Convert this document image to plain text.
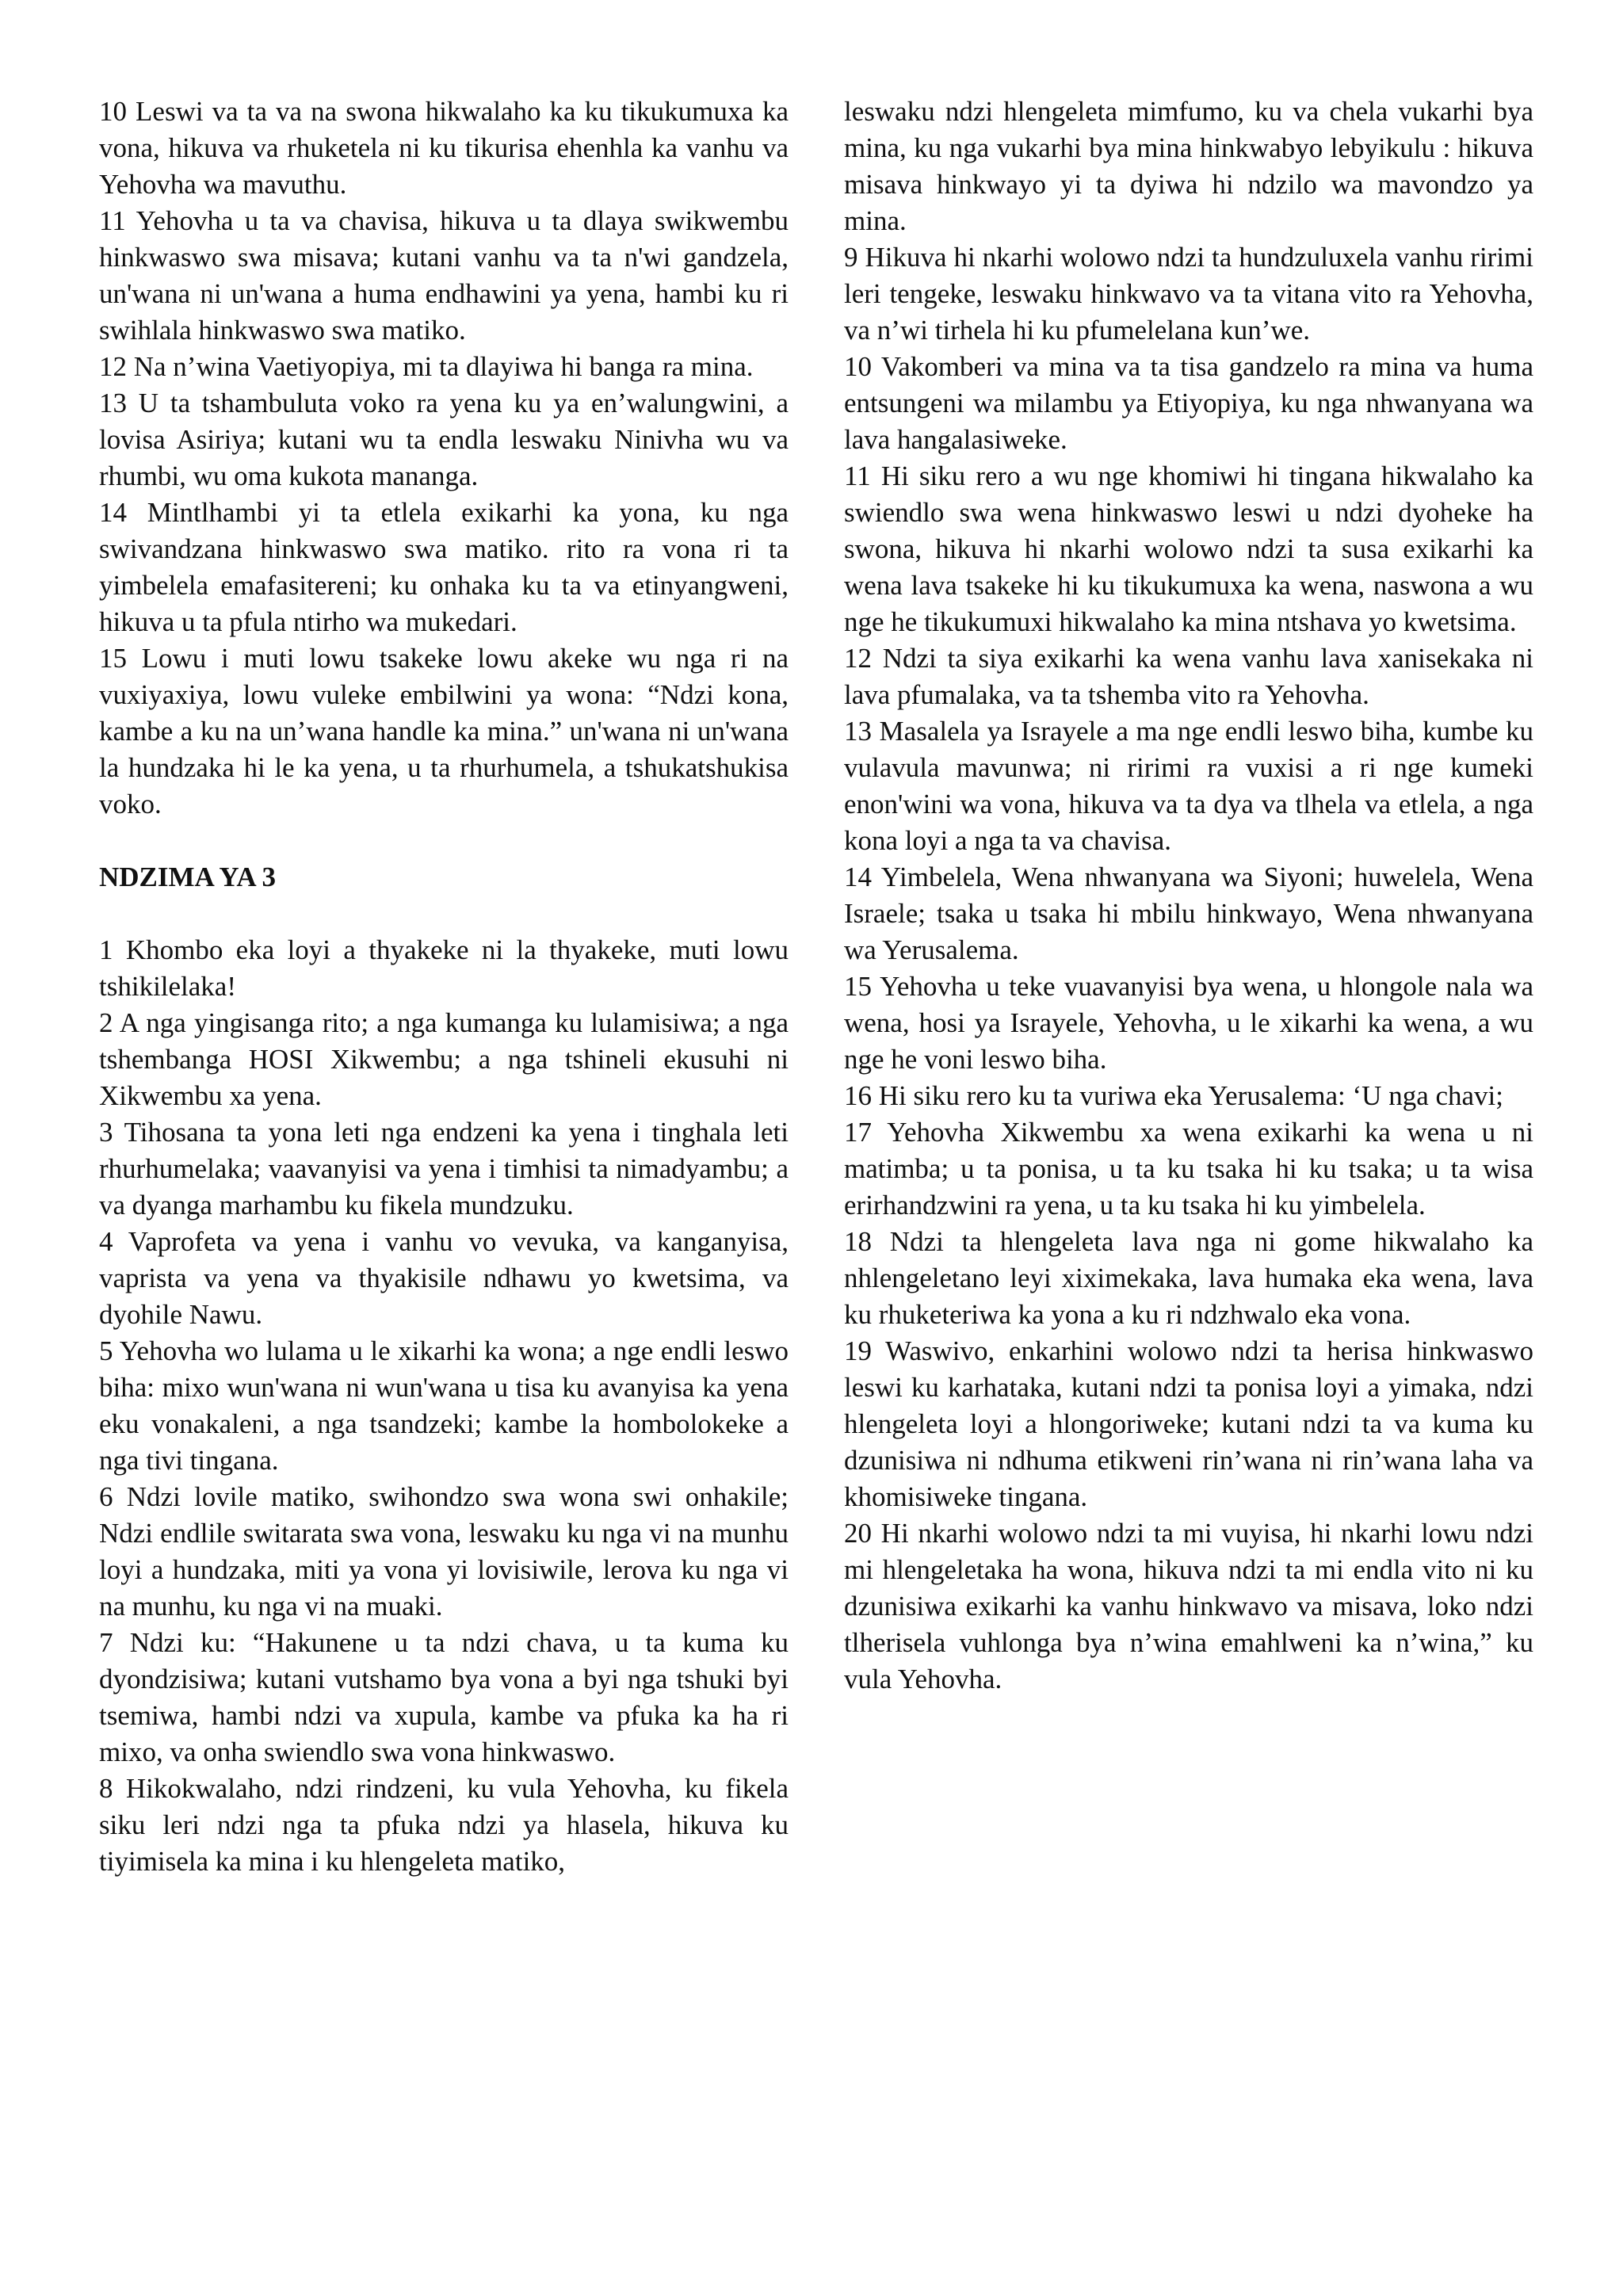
10 Leswi va ta va na swona hikwalaho ka ku tikukumuxa ka vona, hikuva va rhuketela ni ku tikurisa ehenhla ka vanhu va Yehovha wa mavuthu.

11 Yehovha u ta va chavisa, hikuva u ta dlaya swikwembu hinkwaswo swa misava; kutani vanhu va ta n'wi gandzela, un'wana ni un'wana a huma endhawini ya yena, hambi ku ri swihlala hinkwaswo swa matiko.

12 Na n’wina Vaetiyopiya, mi ta dlayiwa hi banga ra mina.

13 U ta tshambuluta voko ra yena ku ya en’walungwini, a lovisa Asiriya; kutani wu ta endla leswaku Ninivha wu va rhumbi, wu oma kukota mananga.

14 Mintlhambi yi ta etlela exikarhi ka yona, ku nga swivandzana hinkwaswo swa matiko. rito ra vona ri ta yimbelela emafasitereni; ku onhaka ku ta va etinyangweni, hikuva u ta pfula ntirho wa mukedari.

15 Lowu i muti lowu tsakeke lowu akeke wu nga ri na vuxiyaxiya, lowu vuleke embilwini ya wona: “Ndzi kona, kambe a ku na un’wana handle ka mina.” un'wana ni un'wana la hundzaka hi le ka yena, u ta rhurhumela, a tshukatshukisa voko.

NDZIMA YA 3

1 Khombo eka loyi a thyakeke ni la thyakeke, muti lowu tshikilelaka!

2 A nga yingisanga rito; a nga kumanga ku lulamisiwa; a nga tshembanga HOSI Xikwembu; a nga tshineli ekusuhi ni Xikwembu xa yena.

3 Tihosana ta yona leti nga endzeni ka yena i tinghala leti rhurhumelaka; vaavanyisi va yena i timhisi ta nimadyambu; a va dyanga marhambu ku fikela mundzuku.

4 Vaprofeta va yena i vanhu vo vevuka, va kanganyisa, vaprista va yena va thyakisile ndhawu yo kwetsima, va dyohile Nawu.

5 Yehovha wo lulama u le xikarhi ka wona; a nge endli leswo biha: mixo wun'wana ni wun'wana u tisa ku avanyisa ka yena eku vonakaleni, a nga tsandzeki; kambe la hombolokeke a nga tivi tingana.

6 Ndzi lovile matiko, swihondzo swa wona swi onhakile; Ndzi endlile switarata swa vona, leswaku ku nga vi na munhu loyi a hundzaka, miti ya vona yi lovisiwile, lerova ku nga vi na munhu, ku nga vi na muaki.

7 Ndzi ku: “Hakunene u ta ndzi chava, u ta kuma ku dyondzisiwa; kutani vutshamo bya vona a byi nga tshuki byi tsemiwa, hambi ndzi va xupula, kambe va pfuka ka ha ri mixo, va onha swiendlo swa vona hinkwaswo.

8 Hikokwalaho, ndzi rindzeni, ku vula Yehovha, ku fikela siku leri ndzi nga ta pfuka ndzi ya hlasela, hikuva ku tiyimisela ka mina i ku hlengeleta matiko,

leswaku ndzi hlengeleta mimfumo, ku va chela vukarhi bya mina, ku nga vukarhi bya mina hinkwabyo lebyikulu : hikuva misava hinkwayo yi ta dyiwa hi ndzilo wa mavondzo ya mina.

9 Hikuva hi nkarhi wolowo ndzi ta hundzuluxela vanhu ririmi leri tengeke, leswaku hinkwavo va ta vitana vito ra Yehovha, va n’wi tirhela hi ku pfumelelana kun’we.

10 Vakomberi va mina va ta tisa gandzelo ra mina va huma entsungeni wa milambu ya Etiyopiya, ku nga nhwanyana wa lava hangalasiweke.

11 Hi siku rero a wu nge khomiwi hi tingana hikwalaho ka swiendlo swa wena hinkwaswo leswi u ndzi dyoheke ha swona, hikuva hi nkarhi wolowo ndzi ta susa exikarhi ka wena lava tsakeke hi ku tikukumuxa ka wena, naswona a wu nge he tikukumuxi hikwalaho ka mina ntshava yo kwetsima.

12 Ndzi ta siya exikarhi ka wena vanhu lava xanisekaka ni lava pfumalaka, va ta tshemba vito ra Yehovha.

13 Masalela ya Israyele a ma nge endli leswo biha, kumbe ku vulavula mavunwa; ni ririmi ra vuxisi a ri nge kumeki enon'wini wa vona, hikuva va ta dya va tlhela va etlela, a nga kona loyi a nga ta va chavisa.

14 Yimbelela, Wena nhwanyana wa Siyoni; huwelela, Wena Israele; tsaka u tsaka hi mbilu hinkwayo, Wena nhwanyana wa Yerusalema.

15 Yehovha u teke vuavanyisi bya wena, u hlongole nala wa wena, hosi ya Israyele, Yehovha, u le xikarhi ka wena, a wu nge he voni leswo biha.

16 Hi siku rero ku ta vuriwa eka Yerusalema: ‘U nga chavi;

17 Yehovha Xikwembu xa wena exikarhi ka wena u ni matimba; u ta ponisa, u ta ku tsaka hi ku tsaka; u ta wisa erirhandzwini ra yena, u ta ku tsaka hi ku yimbelela.

18 Ndzi ta hlengeleta lava nga ni gome hikwalaho ka nhlengeletano leyi xiximekaka, lava humaka eka wena, lava ku rhuketeriwa ka yona a ku ri ndzhwalo eka vona.

19 Waswivo, enkarhini wolowo ndzi ta herisa hinkwaswo leswi ku karhataka, kutani ndzi ta ponisa loyi a yimaka, ndzi hlengeleta loyi a hlongoriweke; kutani ndzi ta va kuma ku dzunisiwa ni ndhuma etikweni rin’wana ni rin’wana laha va khomisiweke tingana.

20 Hi nkarhi wolowo ndzi ta mi vuyisa, hi nkarhi lowu ndzi mi hlengeletaka ha wona, hikuva ndzi ta mi endla vito ni ku dzunisiwa exikarhi ka vanhu hinkwavo va misava, loko ndzi tlherisela vuhlonga bya n’wina emahlweni ka n’wina,” ku vula Yehovha.
